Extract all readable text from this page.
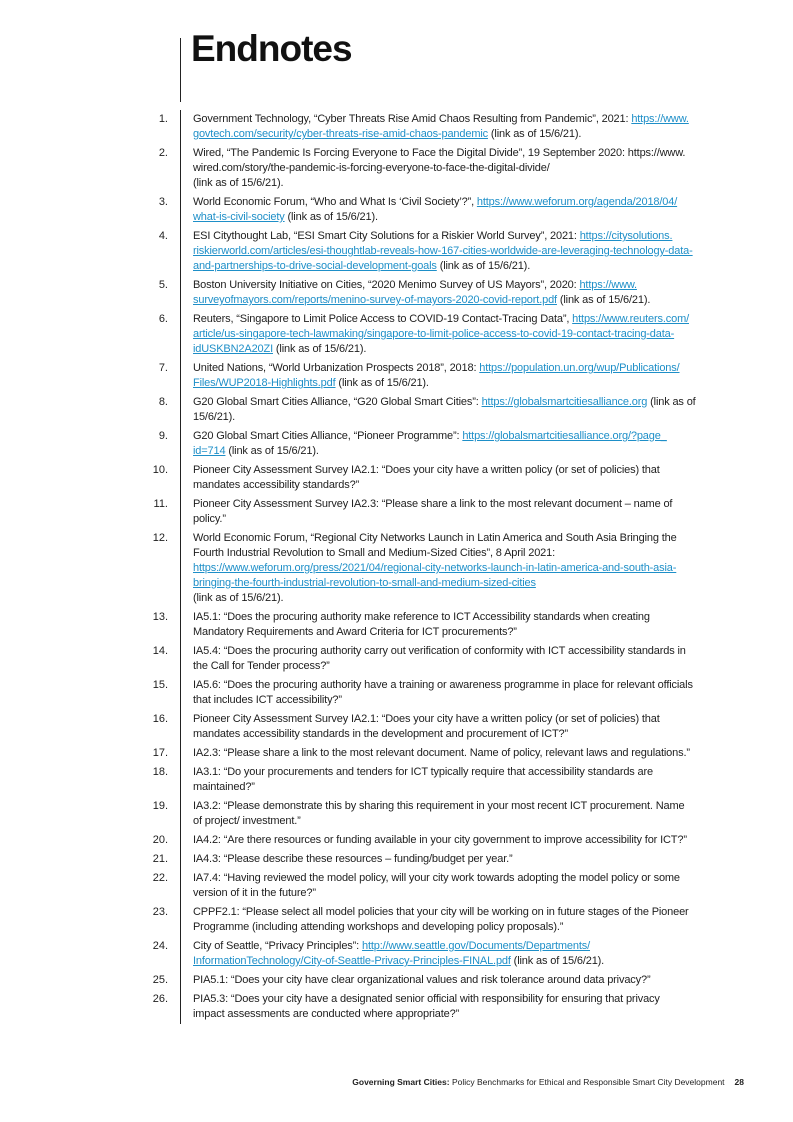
Endnotes
1. Government Technology, “Cyber Threats Rise Amid Chaos Resulting from Pandemic”, 2021: https://www.
govtech.com/security/cyber-threats-rise-amid-chaos-pandemic (link as of 15/6/21).
2. Wired, “The Pandemic Is Forcing Everyone to Face the Digital Divide”, 19 September 2020: https://www.
wired.com/story/the-pandemic-is-forcing-everyone-to-face-the-digital-divide/
(link as of 15/6/21).
3. World Economic Forum, “Who and What Is ‘Civil Society’?”, https://www.weforum.org/agenda/2018/04/
what-is-civil-society (link as of 15/6/21).
4. ESI Citythought Lab, “ESI Smart City Solutions for a Riskier World Survey”, 2021: https://citysolutions.
riskierworld.com/articles/esi-thoughtlab-reveals-how-167-cities-worldwide-are-leveraging-technology-data-
and-partnerships-to-drive-social-development-goals (link as of 15/6/21).
5. Boston University Initiative on Cities, “2020 Menimo Survey of US Mayors”, 2020: https://www.
surveyofmayors.com/reports/menino-survey-of-mayors-2020-covid-report.pdf (link as of 15/6/21).
6. Reuters, “Singapore to Limit Police Access to COVID-19 Contact-Tracing Data”, https://www.reuters.com/
article/us-singapore-tech-lawmaking/singapore-to-limit-police-access-to-covid-19-contact-tracing-data-
idUSKBN2A20ZI (link as of 15/6/21).
7. United Nations, “World Urbanization Prospects 2018”, 2018: https://population.un.org/wup/Publications/
Files/WUP2018-Highlights.pdf (link as of 15/6/21).
8. G20 Global Smart Cities Alliance, “G20 Global Smart Cities”: https://globalsmartcitiesalliance.org (link as of
15/6/21).
9. G20 Global Smart Cities Alliance, “Pioneer Programme”: https://globalsmartcitiesalliance.org/?page_
id=714 (link as of 15/6/21).
10. Pioneer City Assessment Survey IA2.1: “Does your city have a written policy (or set of policies) that
mandates accessibility standards?”
11. Pioneer City Assessment Survey IA2.3: “Please share a link to the most relevant document – name of
policy.”
12. World Economic Forum, “Regional City Networks Launch in Latin America and South Asia Bringing the
Fourth Industrial Revolution to Small and Medium-Sized Cities”, 8 April 2021:
https://www.weforum.org/press/2021/04/regional-city-networks-launch-in-latin-america-and-south-asia-
bringing-the-fourth-industrial-revolution-to-small-and-medium-sized-cities
(link as of 15/6/21).
13. IA5.1: “Does the procuring authority make reference to ICT Accessibility standards when creating
Mandatory Requirements and Award Criteria for ICT procurements?”
14. IA5.4: “Does the procuring authority carry out verification of conformity with ICT accessibility standards in
the Call for Tender process?”
15. IA5.6: “Does the procuring authority have a training or awareness programme in place for relevant officials
that includes ICT accessibility?”
16. Pioneer City Assessment Survey IA2.1: “Does your city have a written policy (or set of policies) that
mandates accessibility standards in the development and procurement of ICT?”
17. IA2.3: “Please share a link to the most relevant document. Name of policy, relevant laws and regulations.”
18. IA3.1: “Do your procurements and tenders for ICT typically require that accessibility standards are
maintained?”
19. IA3.2: “Please demonstrate this by sharing this requirement in your most recent ICT procurement. Name
of project/ investment.”
20. IA4.2: “Are there resources or funding available in your city government to improve accessibility for ICT?”
21. IA4.3: “Please describe these resources – funding/budget per year.”
22. IA7.4: “Having reviewed the model policy, will your city work towards adopting the model policy or some
version of it in the future?”
23. CPPF2.1: “Please select all model policies that your city will be working on in future stages of the Pioneer
Programme (including attending workshops and developing policy proposals).”
24. City of Seattle, “Privacy Principles”: http://www.seattle.gov/Documents/Departments/
InformationTechnology/City-of-Seattle-Privacy-Principles-FINAL.pdf (link as of 15/6/21).
25. PIA5.1: “Does your city have clear organizational values and risk tolerance around data privacy?”
26. PIA5.3: “Does your city have a designated senior official with responsibility for ensuring that privacy
impact assessments are conducted where appropriate?”
Governing Smart Cities: Policy Benchmarks for Ethical and Responsible Smart City Development 28
